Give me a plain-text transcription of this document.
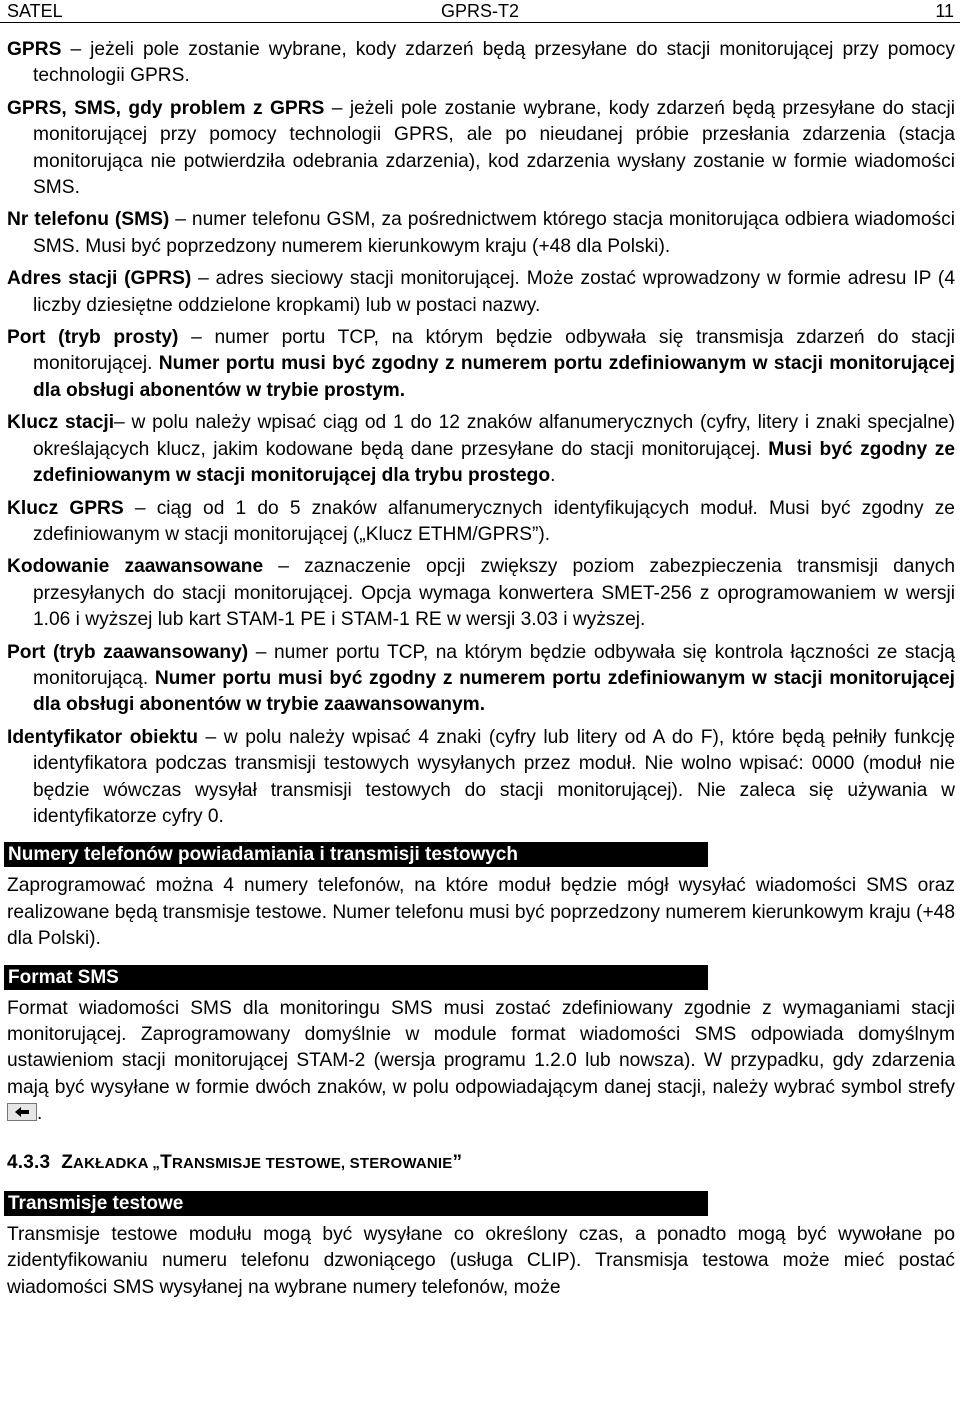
SATEL	GPRS-T2	11
GPRS – jeżeli pole zostanie wybrane, kody zdarzeń będą przesyłane do stacji monitorującej przy pomocy technologii GPRS.
GPRS, SMS, gdy problem z GPRS – jeżeli pole zostanie wybrane, kody zdarzeń będą przesyłane do stacji monitorującej przy pomocy technologii GPRS, ale po nieudanej próbie przesłania zdarzenia (stacja monitorująca nie potwierdziła odebrania zdarzenia), kod zdarzenia wysłany zostanie w formie wiadomości SMS.
Nr telefonu (SMS) – numer telefonu GSM, za pośrednictwem którego stacja monitorująca odbiera wiadomości SMS. Musi być poprzedzony numerem kierunkowym kraju (+48 dla Polski).
Adres stacji (GPRS) – adres sieciowy stacji monitorującej. Może zostać wprowadzony w formie adresu IP (4 liczby dziesiętne oddzielone kropkami) lub w postaci nazwy.
Port (tryb prosty) – numer portu TCP, na którym będzie odbywała się transmisja zdarzeń do stacji monitorującej. Numer portu musi być zgodny z numerem portu zdefiniowanym w stacji monitorującej dla obsługi abonentów w trybie prostym.
Klucz stacji– w polu należy wpisać ciąg od 1 do 12 znaków alfanumerycznych (cyfry, litery i znaki specjalne) określających klucz, jakim kodowane będą dane przesyłane do stacji monitorującej. Musi być zgodny ze zdefiniowanym w stacji monitorującej dla trybu prostego.
Klucz GPRS – ciąg od 1 do 5 znaków alfanumerycznych identyfikujących moduł. Musi być zgodny ze zdefiniowanym w stacji monitorującej („Klucz ETHM/GPRS”).
Kodowanie zaawansowane – zaznaczenie opcji zwiększy poziom zabezpieczenia transmisji danych przesyłanych do stacji monitorującej. Opcja wymaga konwertera SMET-256 z oprogramowaniem w wersji 1.06 i wyższej lub kart STAM-1 PE i STAM-1 RE w wersji 3.03 i wyższej.
Port (tryb zaawansowany) – numer portu TCP, na którym będzie odbywała się kontrola łączności ze stacją monitorującą. Numer portu musi być zgodny z numerem portu zdefiniowanym w stacji monitorującej dla obsługi abonentów w trybie zaawansowanym.
Identyfikator obiektu – w polu należy wpisać 4 znaki (cyfry lub litery od A do F), które będą pełniły funkcję identyfikatora podczas transmisji testowych wysyłanych przez moduł. Nie wolno wpisać: 0000 (moduł nie będzie wówczas wysyłał transmisji testowych do stacji monitorującej). Nie zaleca się używania w identyfikatorze cyfry 0.
Numery telefonów powiadamiania i transmisji testowych
Zaprogramować można 4 numery telefonów, na które moduł będzie mógł wysyłać wiadomości SMS oraz realizowane będą transmisje testowe. Numer telefonu musi być poprzedzony numerem kierunkowym kraju (+48 dla Polski).
Format SMS
Format wiadomości SMS dla monitoringu SMS musi zostać zdefiniowany zgodnie z wymaganiami stacji monitorującej. Zaprogramowany domyślnie w module format wiadomości SMS odpowiada domyślnym ustawieniom stacji monitorującej STAM-2 (wersja programu 1.2.0 lub nowsza). W przypadku, gdy zdarzenia mają być wysyłane w formie dwóch znaków, w polu odpowiadającym danej stacji, należy wybrać symbol strefy
.
4.3.3 ZAKŁADKA „TRANSMISJE TESTOWE, STEROWANIE”
Transmisje testowe
Transmisje testowe modułu mogą być wysyłane co określony czas, a ponadto mogą być wywołane po zidentyfikowaniu numeru telefonu dzwoniącego (usługa CLIP). Transmisja testowa może mieć postać wiadomości SMS wysyłanej na wybrane numery telefonów, może
